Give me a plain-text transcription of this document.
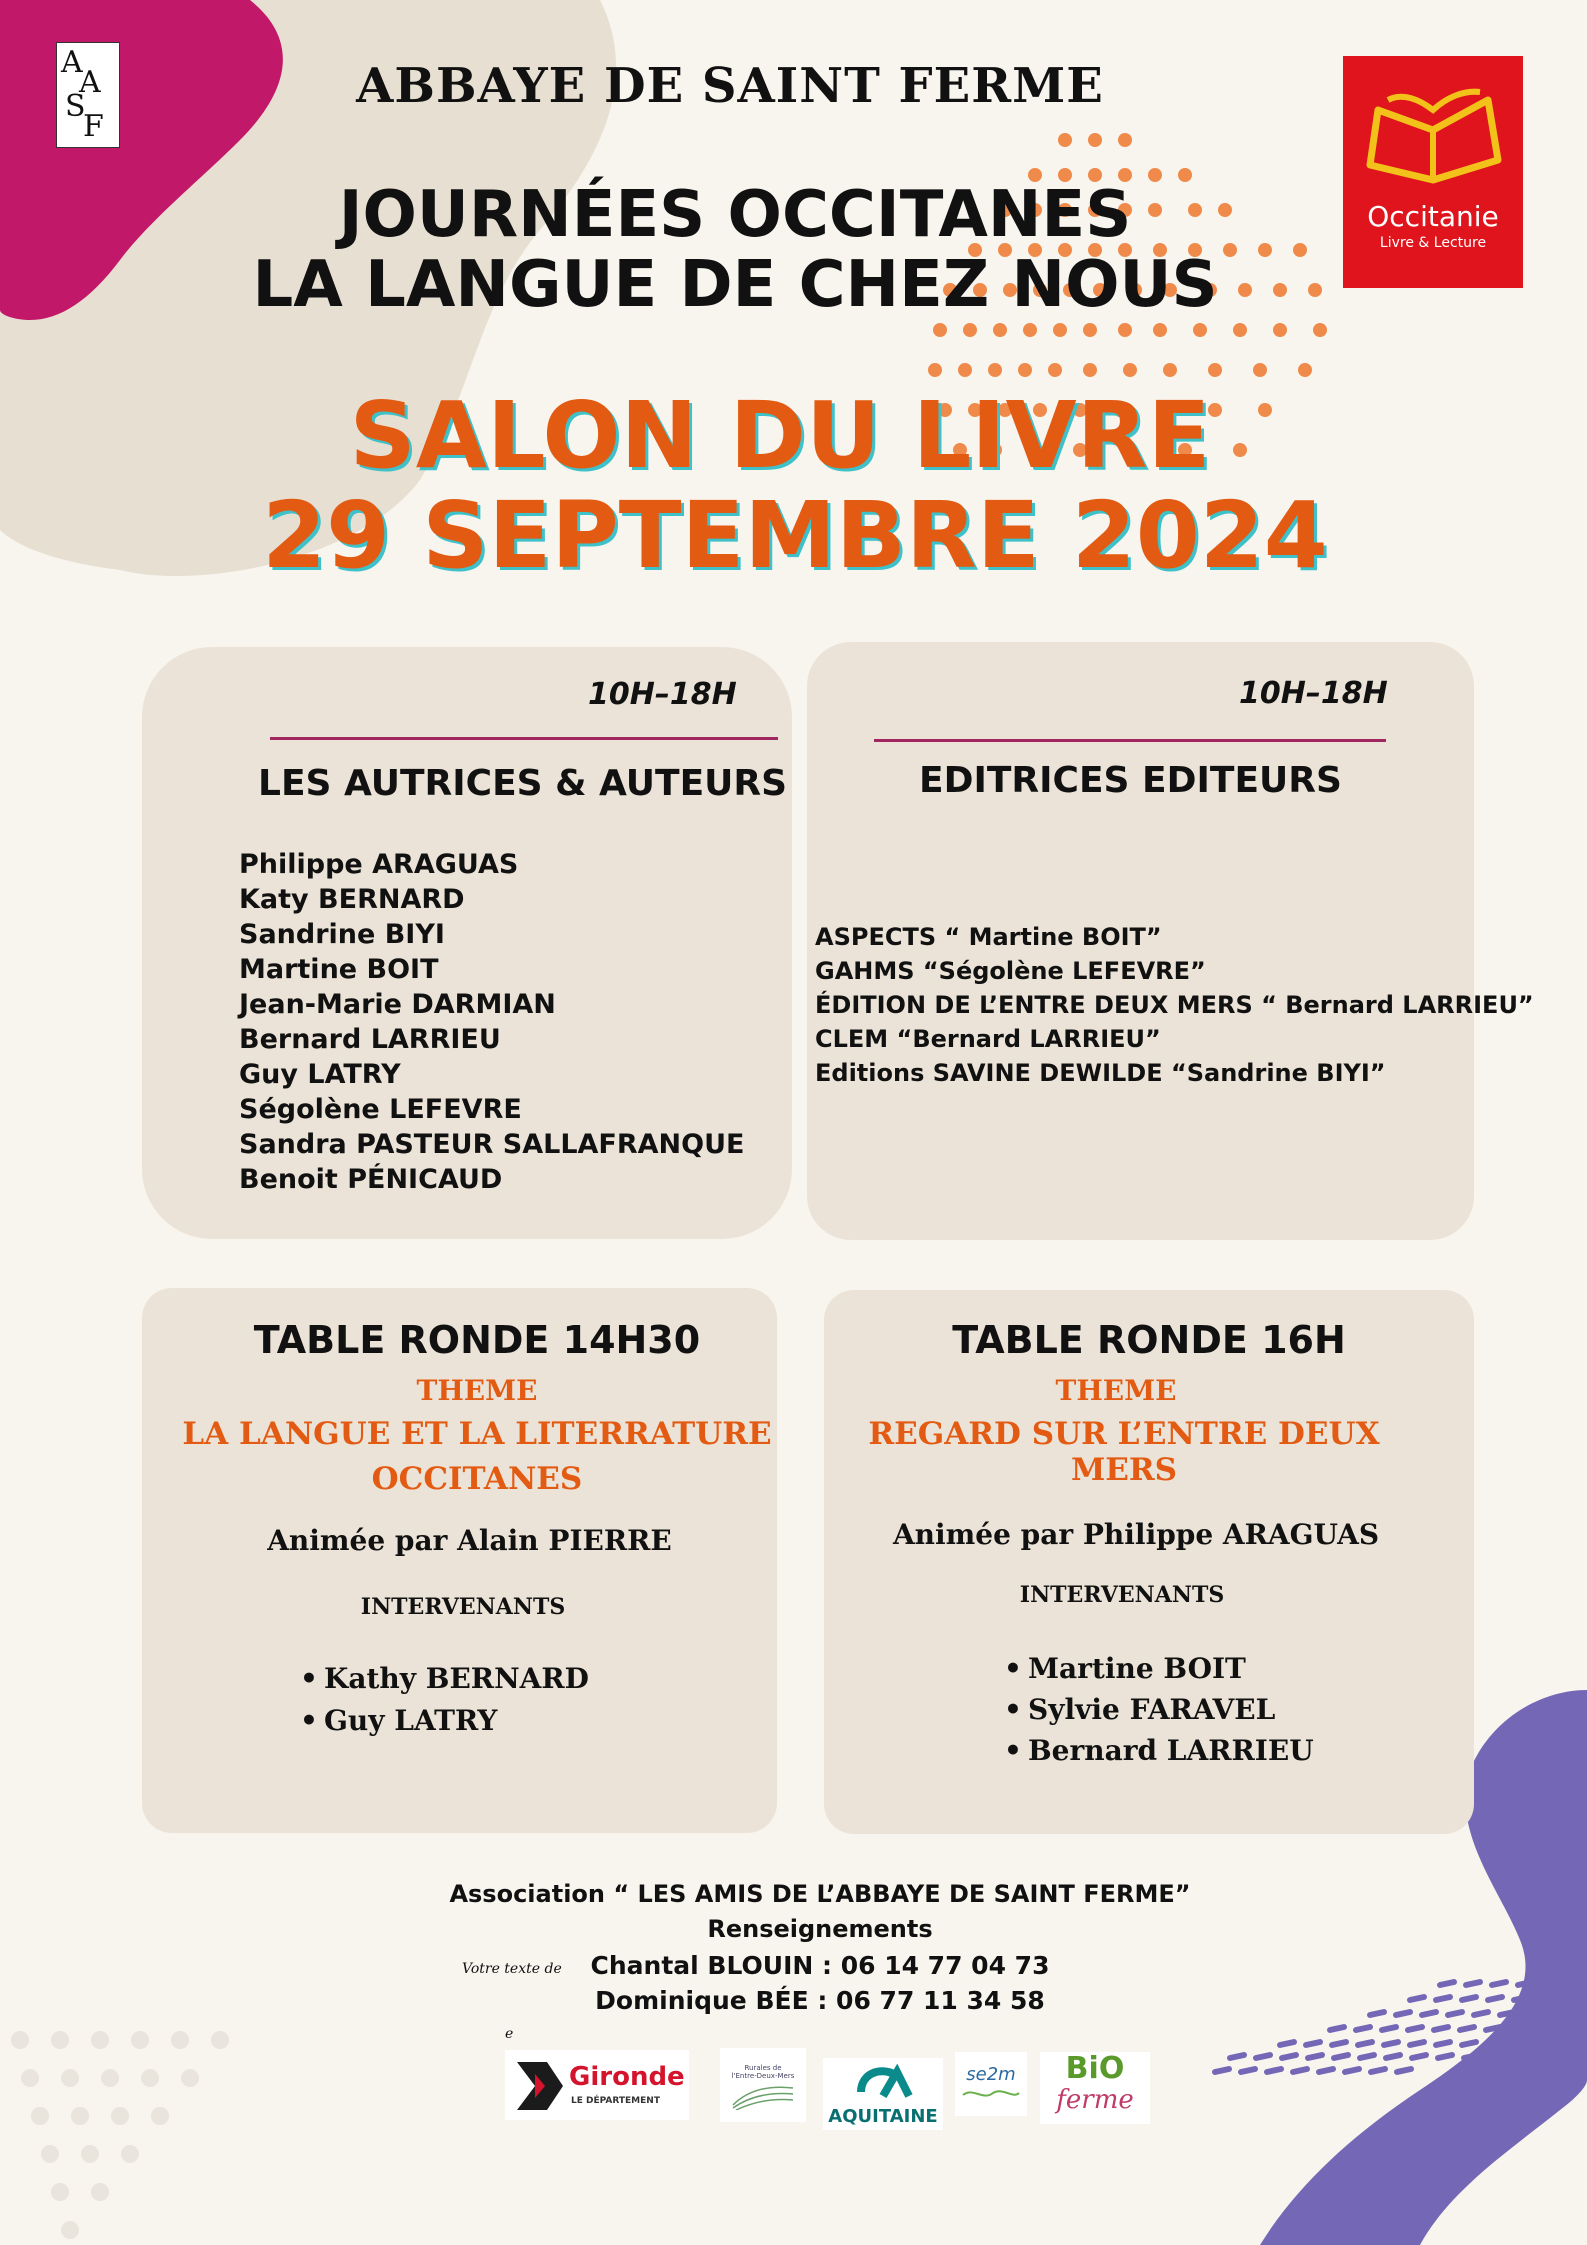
A
A
S
F
ABBAYE DE SAINT FERME
JOURNÉES OCCITANES
LA LANGUE DE CHEZ NOUS
SALON DU LIVRE
29 SEPTEMBRE 2024
Occitanie
Livre & Lecture
10H–18H
LES AUTRICES & AUTEURS
Philippe ARAGUAS
Katy BERNARD
Sandrine BIYI
Martine BOIT
Jean-Marie DARMIAN
Bernard LARRIEU
Guy LATRY
Ségolène LEFEVRE
Sandra PASTEUR SALLAFRANQUE
Benoit PÉNICAUD
10H–18H
EDITRICES EDITEURS
ASPECTS “ Martine BOIT”
GAHMS “Ségolène LEFEVRE”
ÉDITION DE L’ENTRE DEUX MERS “ Bernard LARRIEU”
CLEM “Bernard LARRIEU”
Editions SAVINE DEWILDE “Sandrine BIYI”
TABLE RONDE 14H30
THEME
LA LANGUE ET LA LITERRATURE
OCCITANES
Animée par Alain PIERRE
INTERVENANTS
• Kathy BERNARD
• Guy LATRY
TABLE RONDE 16H
THEME
REGARD SUR L’ENTRE DEUX MERS
Animée par Philippe ARAGUAS
INTERVENANTS
• Martine BOIT
• Sylvie FARAVEL
• Bernard LARRIEU
Association “ LES AMIS DE L’ABBAYE DE SAINT FERME”
Renseignements
Votre texte de
e
Chantal BLOUIN : 06 14 77 04 73
Dominique BÉE : 06 77 11 34 58
Gironde
LE DÉPARTEMENT
Rurales de
l'Entre-Deux-Mers
AQUITAINE
se2m	BiO
ferme
